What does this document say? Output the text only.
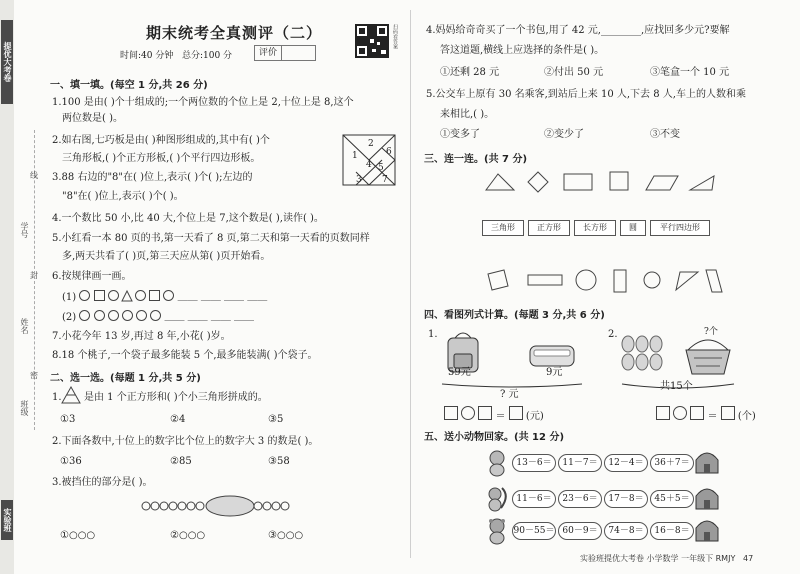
提优大考卷
实验班
班级
姓名
学号
线
封
密
期末统考全真测评（二）
时间:40 分钟 总分:100 分	评价
扫码看答案
一、填一填。(每空 1 分,共 26 分)
1.100 是由( )个十组成的;一个两位数的个位上是 2,十位上是 8,这个
两位数是( )。
2.如右图,七巧板是由( )种图形组成的,其中有( )个
三角形板,( )个正方形板,( )个平行四边形板。
3.88 右边的"8"在( )位上,表示( )个( );左边的
"8"在( )位上,表示( )个( )。
1
2
4 5
6
7
3
4.一个数比 50 小,比 40 大,个位上是 7,这个数是( ),读作( )。
5.小红看一本 80 页的书,第一天看了 8 页,第二天和第一天看的页数同样
多,两天共看了( )页,第三天应从第( )页开始看。
6.按规律画一画。
(1)	＿＿ ＿＿ ＿＿ ＿＿
(2)	＿＿ ＿＿ ＿＿ ＿＿
7.小花今年 13 岁,再过 8 年,小花( )岁。
8.18 个桃子,一个袋子最多能装 5 个,最多能装满( )个袋子。
二、选一选。(每题 1 分,共 5 分)
1. 是由 1 个正方形和( )个小三角形拼成的。
①3	②4	③5
2.下面各数中,十位上的数字比个位上的数字大 3 的数是( )。
①36	②85	③58
3.被挡住的部分是( )。
①○○○	②○○○	③○○○
4.妈妈给奇奇买了一个书包,用了 42 元,________,应找回多少元?要解
答这道题,横线上应选择的条件是( )。
①还剩 28 元	②付出 50 元	③笔盒一个 10 元
5.公交车上原有 30 名乘客,到站后上来 10 人,下去 8 人,车上的人数和乘
来相比,( )。
①变多了	②变少了	③不变
三、连一连。(共 7 分)
三角形	正方形	长方形	圆	平行四边形
四、看图列式计算。(每题 3 分,共 6 分)
1.	2.
59元	9元
? 元
＝  (元)
?个
共15个
＝  (个)
五、送小动物回家。(共 12 分)
13－6＝	11－7＝	12－4＝	36＋7＝
11－6＝	23－6＝	17－8＝	45＋5＝
90－55＝ 60－9＝	74－8＝	16－8＝
实验班提优大考卷 小学数学 一年级下 RMJY 47
